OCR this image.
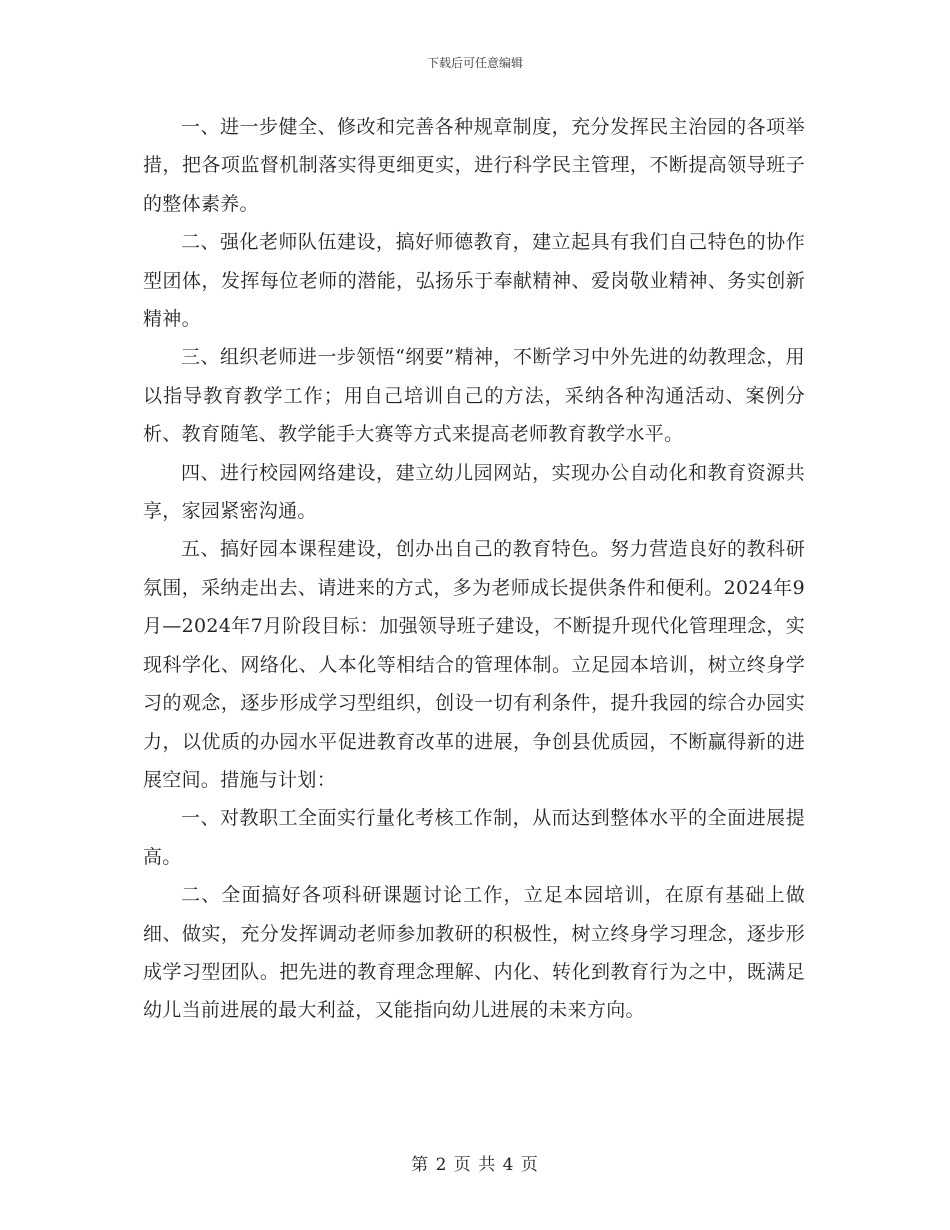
下载后可任意编辑

一、进一步健全、修改和完善各种规章制度，充分发挥民主治园的各项举措，把各项监督机制落实得更细更实，进行科学民主管理，不断提高领导班子的整体素养。

二、强化老师队伍建设，搞好师德教育，建立起具有我们自己特色的协作型团体，发挥每位老师的潜能，弘扬乐于奉献精神、爱岗敬业精神、务实创新精神。

三、组织老师进一步领悟“纲要”精神，不断学习中外先进的幼教理念，用以指导教育教学工作；用自己培训自己的方法，采纳各种沟通活动、案例分析、教育随笔、教学能手大赛等方式来提高老师教育教学水平。

四、进行校园网络建设，建立幼儿园网站，实现办公自动化和教育资源共享，家园紧密沟通。

五、搞好园本课程建设，创办出自己的教育特色。努力营造良好的教科研氛围，采纳走出去、请进来的方式，多为老师成长提供条件和便利。2024年9月—2024年7月阶段目标：加强领导班子建设，不断提升现代化管理理念，实现科学化、网络化、人本化等相结合的管理体制。立足园本培训，树立终身学习的观念，逐步形成学习型组织，创设一切有利条件，提升我园的综合办园实力，以优质的办园水平促进教育改革的进展，争创县优质园，不断赢得新的进展空间。措施与计划：

一、对教职工全面实行量化考核工作制，从而达到整体水平的全面进展提高。

二、全面搞好各项科研课题讨论工作，立足本园培训，在原有基础上做细、做实，充分发挥调动老师参加教研的积极性，树立终身学习理念，逐步形成学习型团队。把先进的教育理念理解、内化、转化到教育行为之中，既满足幼儿当前进展的最大利益，又能指向幼儿进展的未来方向。

第 2 页 共 4 页
